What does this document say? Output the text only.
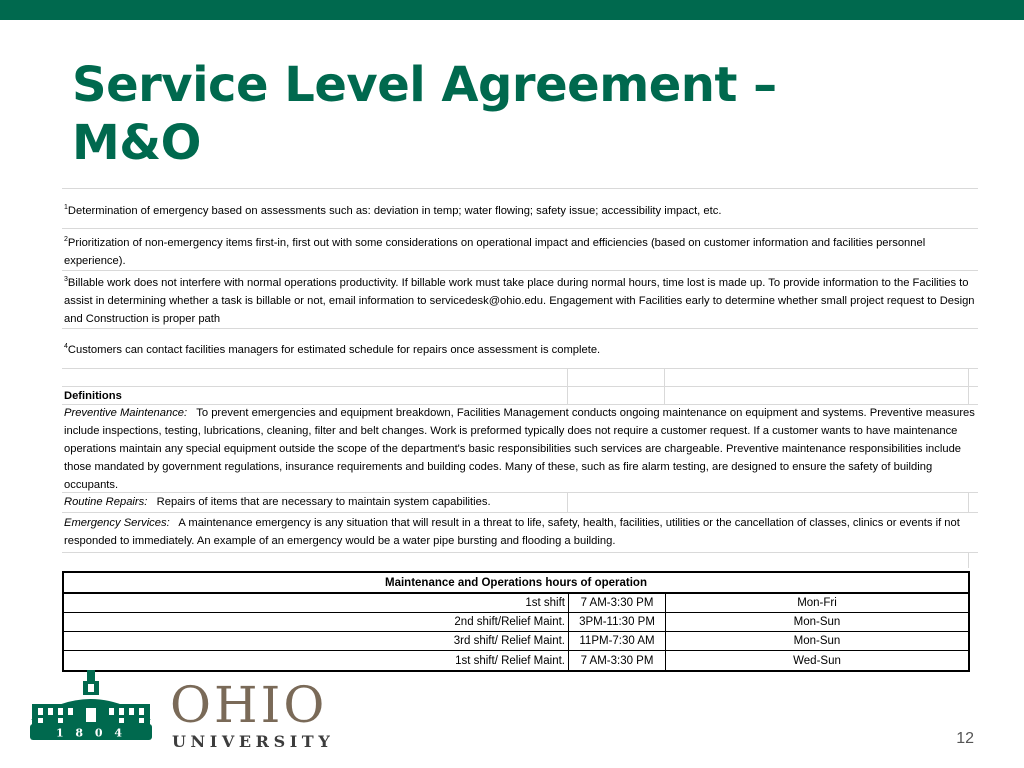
Service Level Agreement – M&O
$^1$Determination of emergency based on assessments such as: deviation in temp; water flowing; safety issue; accessibility impact, etc.
$^2$Prioritization of non-emergency items first-in, first out with some considerations on operational impact and efficiencies (based on customer information and facilities personnel experience).
$^3$Billable work does not interfere with normal operations productivity. If billable work must take place during normal hours, time lost is made up. To provide information to the Facilities to assist in determining whether a task is billable or not, email information to servicedesk@ohio.edu. Engagement with Facilities early to determine whether small project request to Design and Construction is proper path
$^4$Customers can contact facilities managers for estimated schedule for repairs once assessment is complete.
Definitions
Preventive Maintenance: To prevent emergencies and equipment breakdown, Facilities Management conducts ongoing maintenance on equipment and systems. Preventive measures include inspections, testing, lubrications, cleaning, filter and belt changes. Work is preformed typically does not require a customer request. If a customer wants to have maintenance operations maintain any special equipment outside the scope of the department's basic responsibilities such services are chargeable. Preventive maintenance responsibilities include those mandated by government regulations, insurance requirements and building codes. Many of these, such as fire alarm testing, are designed to ensure the safety of building occupants.
Routine Repairs: Repairs of items that are necessary to maintain system capabilities.
Emergency Services: A maintenance emergency is any situation that will result in a threat to life, safety, health, facilities, utilities or the cancellation of classes, clinics or events if not responded to immediately. An example of an emergency would be a water pipe bursting and flooding a building.
Maintenance and Operations hours of operation
1st shift	7 AM-3:30 PM	Mon-Fri
2nd shift/Relief Maint.	3PM-11:30 PM	Mon-Sun
3rd shift/ Relief Maint.	11PM-7:30 AM	Mon-Sun
1st shift/ Relief Maint.	7 AM-3:30 PM	Wed-Sun
1 8 0 4 OHIO
UNIVERSITY	12
